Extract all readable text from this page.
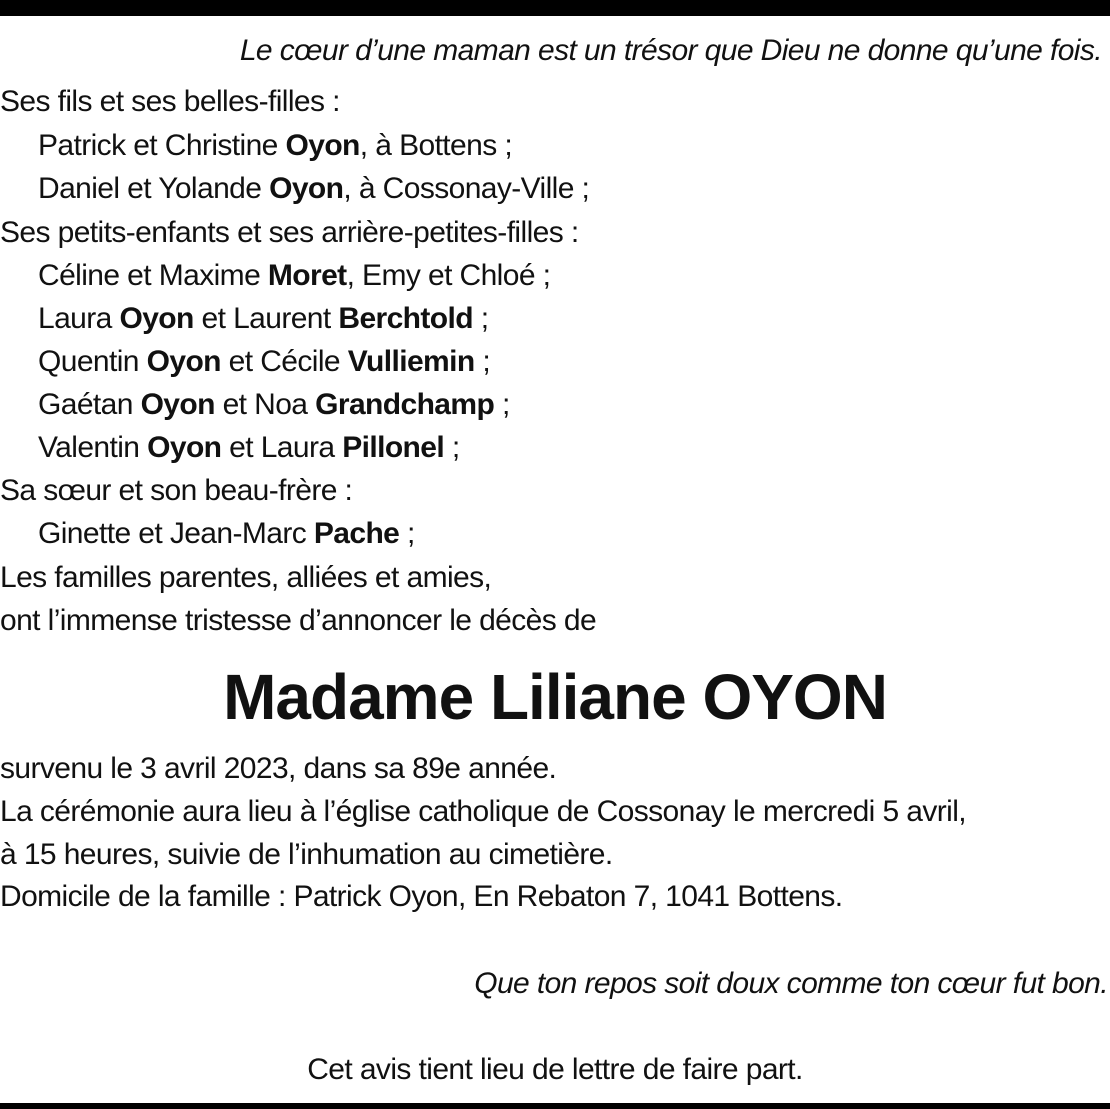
Le cœur d’une maman est un trésor que Dieu ne donne qu’une fois.
Ses fils et ses belles-filles :
Patrick et Christine Oyon, à Bottens ;
Daniel et Yolande Oyon, à Cossonay-Ville ;
Ses petits-enfants et ses arrière-petites-filles :
Céline et Maxime Moret, Emy et Chloé ;
Laura Oyon et Laurent Berchtold ;
Quentin Oyon et Cécile Vulliemin ;
Gaétan Oyon et Noa Grandchamp ;
Valentin Oyon et Laura Pillonel ;
Sa sœur et son beau-frère :
Ginette et Jean-Marc Pache ;
Les familles parentes, alliées et amies,
ont l’immense tristesse d’annoncer le décès de
Madame Liliane OYON
survenu le 3 avril 2023, dans sa 89e année.
La cérémonie aura lieu à l’église catholique de Cossonay le mercredi 5 avril,
à 15 heures, suivie de l’inhumation au cimetière.
Domicile de la famille : Patrick Oyon, En Rebaton 7, 1041 Bottens.
Que ton repos soit doux comme ton cœur fut bon.
Cet avis tient lieu de lettre de faire part.
